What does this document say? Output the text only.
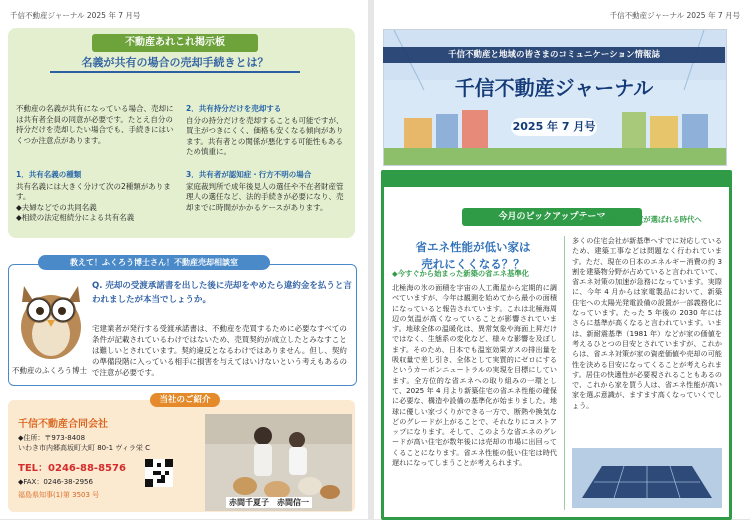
千信不動産ジャーナル 2025 年 7 月号
不動産あれこれ掲示板
名義が共有の場合の売却手続きとは？
不動産の名義が共有になっている場合、売却には共有者全員の同意が必要です。たとえ自分の持分だけを売却したい場合でも、手続きにはいくつか注意点があります。
1．共有名義の種類
共有名義には大きく分けて次の2種類があります。
◆夫婦などでの共同名義
◆相続の法定相続分による共有名義
2．共有持分だけを売却する
自分の持分だけを売却することも可能ですが、買主がつきにくく、価格も安くなる傾向があります。共有者との関係が悪化する可能性もあるため慎重に。
3．共有者が認知症・行方不明の場合
家庭裁判所で成年後見人の選任や不在者財産管理人の選任など、法的手続きが必要になり、売却までに時間がかかるケースがあります。
教えて！ふくろう博士さん！不動産売却相談室
不動産のふくろう博士
Q. 売却の受渡承諾書を出した後に売却をやめたら違約金を払うと言われましたが本当でしょうか。
宅建業者が発行する受渡承諾書は、不動産を売買するために必要なすべての条件が記載されているわけではないため、売買契約が成立したとみなすことは難しいとされています。契約違反となるわけではありません。但し、契約の準備段階に入っている相手に損害を与えてはいけないという考えもあるので注意が必要です。
当社のご紹介
千信不動産合同会社
◆住所：〒973-8408
いわき市内郷高坂町大町 80-1 ヴィラ栄 C
TEL：0246-88-8576
◆FAX：0246-38-2956
福島県知事(1)第 3503 号
赤間千夏子　赤間信一
千信不動産ジャーナル 2025 年 7 月号
千信不動産と地域の皆さまのコミュニケーション情報誌
千信不動産ジャーナル
2025 年 7 月号
今月のピックアップテーマ
省エネ性能が低い家は
売れにくくなる？？
◆今すぐから始まった新築の省エネ基準化
北極海の氷の面積を宇宙の人工衛星から定期的に調べていますが、今年は観測を始めてから最小の面積になっていると報告されています。これは北極海周辺の気温が高くなっていることが影響されています。地球全体の温暖化は、異常気象や海面上昇だけではなく、生態系の変化など、様々な影響を及ぼします。そのため、日本でも温室効果ガスの排出量を吸収量で差し引き、全体として実質的にゼロにするというカーボンニュートラルの実現を目標にしています。全方位的な省エネへの取り組みの一環として、2025 年 4 月より新築住宅の省エネ性能の確保に必要な、構造や設備の基準化が始まりました。地球に優しい家づくりができる一方で、断熱や換気などのグレードが上がることで、それなりにコストアップになります。そして、このような省エネのグレードが高い住宅が数年後には売却の市場に出回ってくることになります。省エネ性能の低い住宅は時代遅れになってしまうことが考えられます。
◆省エネ性能の高い家が選ばれる時代へ
多くの住宅会社が新基準へすでに対応しているため、建築工事などは問題なく行われています。ただ、現在の日本のエネルギー消費の約 3 割を建築物分野が占めていると言われていて、省エネ対策の加速が急務になっています。実際に、今年 4 月からは家電製品において、新築住宅への太陽光発電設備の設置が一部義務化になっています。たった 5 年後の 2030 年にはさらに基準が高くなると言われています。いまは、新耐震基準（1981 年）などが家の価値を考えるひとつの目安とされていますが、これからは、省エネ対策が家の資産価値や売却の可能性を決める目安になってくることが考えられます。居住の快適性が必要視されることもあるので、これから家を買う人は、省エネ性能が高い家を選ぶ意識が、ますます高くなっていくでしょう。
